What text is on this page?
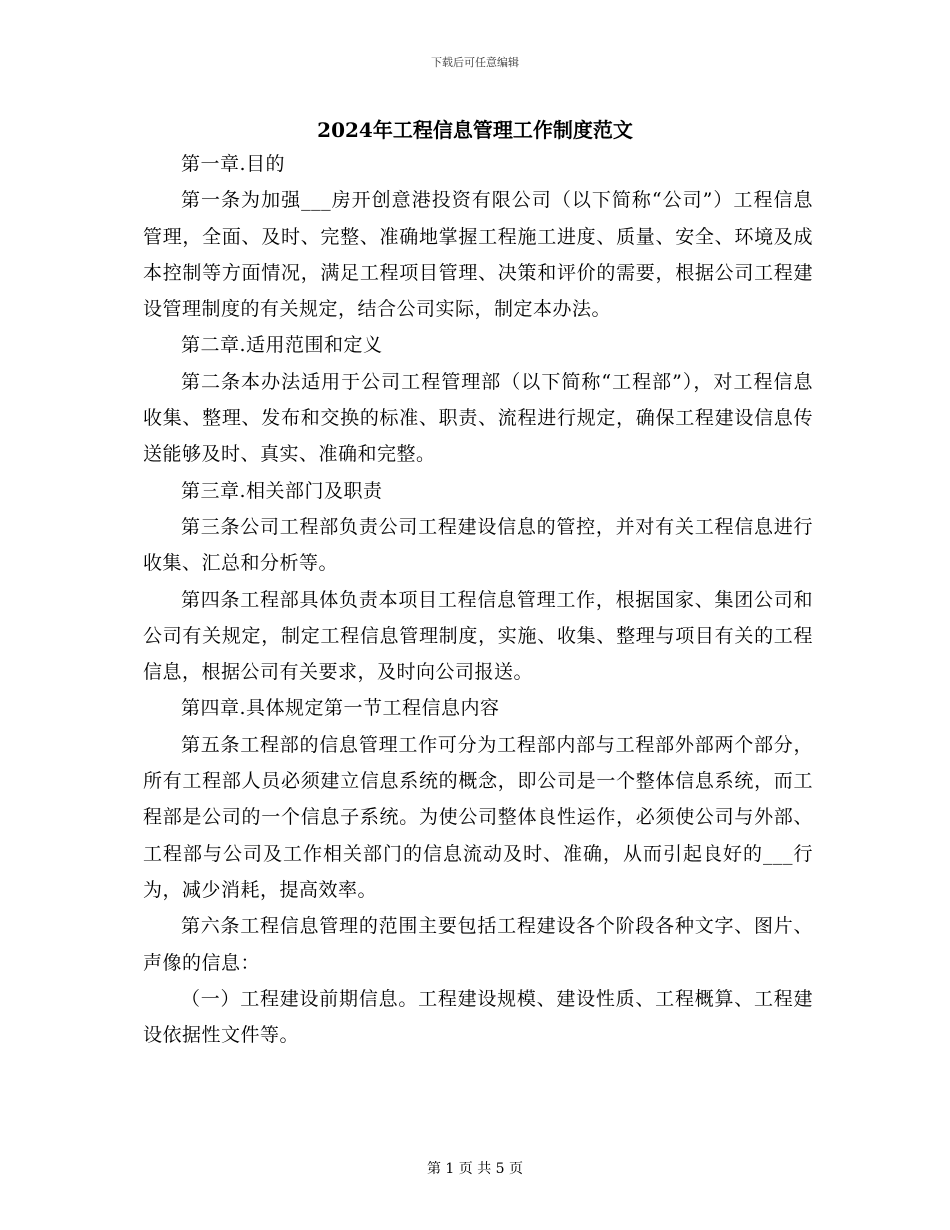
下载后可任意编辑
2024年工程信息管理工作制度范文

第一章.目的

第一条为加强___房开创意港投资有限公司（以下简称“公司”）工程信息管理，全面、及时、完整、准确地掌握工程施工进度、质量、安全、环境及成本控制等方面情况，满足工程项目管理、决策和评价的需要，根据公司工程建设管理制度的有关规定，结合公司实际，制定本办法。

第二章.适用范围和定义

第二条本办法适用于公司工程管理部（以下简称“工程部”），对工程信息收集、整理、发布和交换的标准、职责、流程进行规定，确保工程建设信息传送能够及时、真实、准确和完整。

第三章.相关部门及职责

第三条公司工程部负责公司工程建设信息的管控，并对有关工程信息进行收集、汇总和分析等。

第四条工程部具体负责本项目工程信息管理工作，根据国家、集团公司和公司有关规定，制定工程信息管理制度，实施、收集、整理与项目有关的工程信息，根据公司有关要求，及时向公司报送。

第四章.具体规定第一节工程信息内容

第五条工程部的信息管理工作可分为工程部内部与工程部外部两个部分，所有工程部人员必须建立信息系统的概念，即公司是一个整体信息系统，而工程部是公司的一个信息子系统。为使公司整体良性运作，必须使公司与外部、工程部与公司及工作相关部门的信息流动及时、准确，从而引起良好的___行为，减少消耗，提高效率。

第六条工程信息管理的范围主要包括工程建设各个阶段各种文字、图片、声像的信息：

（一）工程建设前期信息。工程建设规模、建设性质、工程概算、工程建设依据性文件等。

第 1 页 共 5 页
